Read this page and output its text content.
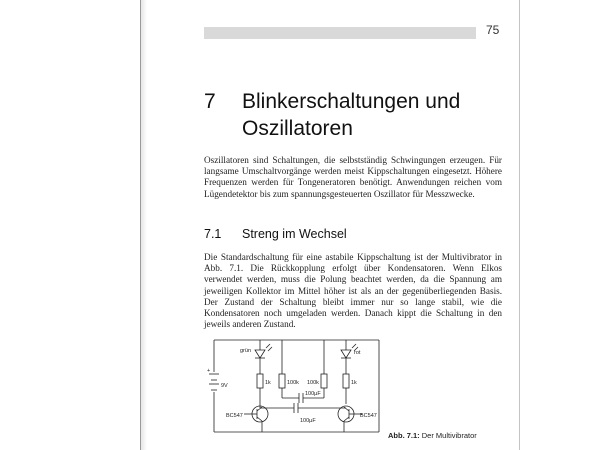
75
7 Blinkerschaltungen und
Oszillatoren

Oszillatoren sind Schaltungen, die selbstständig Schwingungen erzeugen. Für langsame Umschaltvorgänge werden meist Kippschaltungen eingesetzt. Höhere Frequenzen werden für Tongeneratoren benötigt. Anwendungen reichen vom Lügendetektor bis zum spannungsgesteuerten Oszillator für Messzwecke.

7.1 Streng im Wechsel

Die Standardschaltung für eine astabile Kippschaltung ist der Multivibrator in Abb. 7.1. Die Rückkopplung erfolgt über Kondensatoren. Wenn Elkos verwendet werden, muss die Polung beachtet werden, da die Spannung am jeweiligen Kollektor im Mittel höher ist als an der gegenüberliegenden Basis. Der Zustand der Schaltung bleibt immer nur so lange stabil, wie die Kondensatoren noch umgeladen werden. Danach kippt die Schaltung in den jeweils anderen Zustand.

grün	rot
9V
+
1k	100k 100k	1k
100µF
100µF
BC547	BC547
Abb. 7.1: Der Multivibrator
